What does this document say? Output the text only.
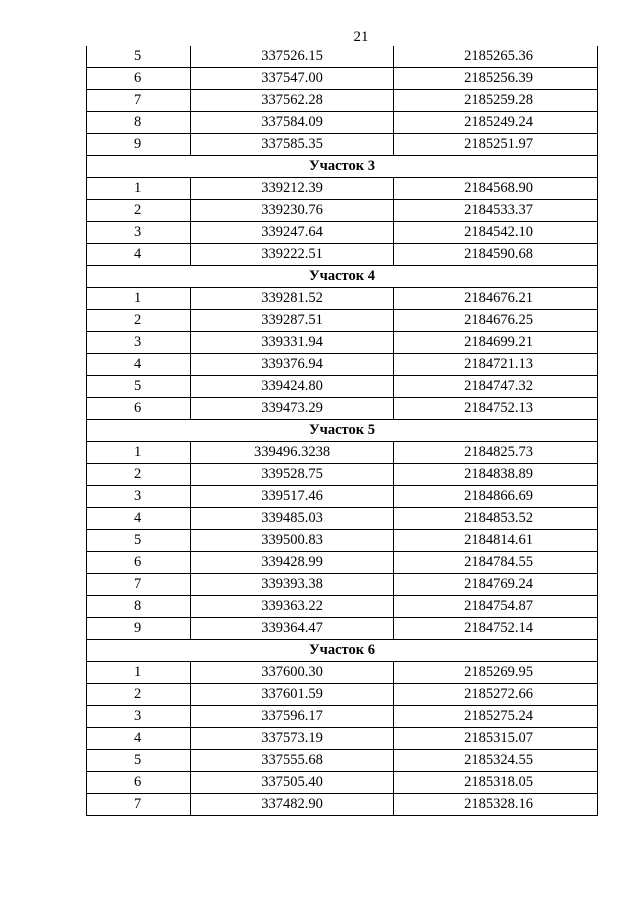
21
5	337526.15	2185265.36
6	337547.00	2185256.39
7	337562.28	2185259.28
8	337584.09	2185249.24
9	337585.35	2185251.97
Участок 3		
1	339212.39	2184568.90
2	339230.76	2184533.37
3	339247.64	2184542.10
4	339222.51	2184590.68
Участок 4		
1	339281.52	2184676.21
2	339287.51	2184676.25
3	339331.94	2184699.21
4	339376.94	2184721.13
5	339424.80	2184747.32
6	339473.29	2184752.13
Участок 5		
1	339496.3238	2184825.73
2	339528.75	2184838.89
3	339517.46	2184866.69
4	339485.03	2184853.52
5	339500.83	2184814.61
6	339428.99	2184784.55
7	339393.38	2184769.24
8	339363.22	2184754.87
9	339364.47	2184752.14
Участок 6		
1	337600.30	2185269.95
2	337601.59	2185272.66
3	337596.17	2185275.24
4	337573.19	2185315.07
5	337555.68	2185324.55
6	337505.40	2185318.05
7	337482.90	2185328.16
